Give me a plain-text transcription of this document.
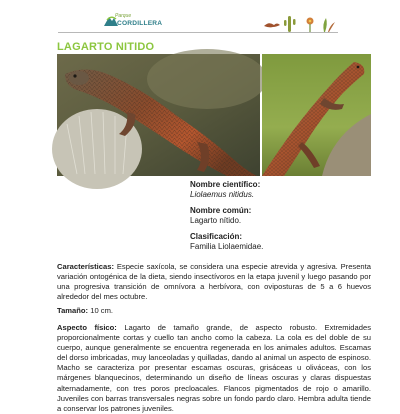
Parque
CORDILLERA
LAGARTO NITIDO
Nombre científico:
Liolaemus nitidus.
Nombre común:
Lagarto nítido.
Clasificación:
Familia Liolaemidae.
Características: Especie saxícola, se considera una especie atrevida y agresiva. Presenta variación ontogénica de la dieta, siendo insectívoros en la etapa juvenil y luego pasando por una progresiva transición de omnívora a herbívora, con oviposturas de 5 a 6 huevos alrededor del mes octubre.
Tamaño: 10 cm.
Aspecto físico: Lagarto de tamaño grande, de aspecto robusto. Extremidades proporcionalmente cortas y cuello tan ancho como la cabeza. La cola es del doble de su cuerpo, aunque generalmente se encuentra regenerada en los animales adultos. Escamas del dorso imbricadas, muy lanceoladas y quilladas, dando al animal un aspecto de espinoso. Macho se caracteriza por presentar escamas oscuras, grisáceas u oliváceas, con los márgenes blanquecinos, determinando un diseño de líneas oscuras y claras dispuestas alternadamente, con tres poros precloacales. Flancos pigmentados de rojo o amarillo. Juveniles con barras transversales negras sobre un fondo pardo claro. Hembra adulta tiende a conservar los patrones juveniles.
